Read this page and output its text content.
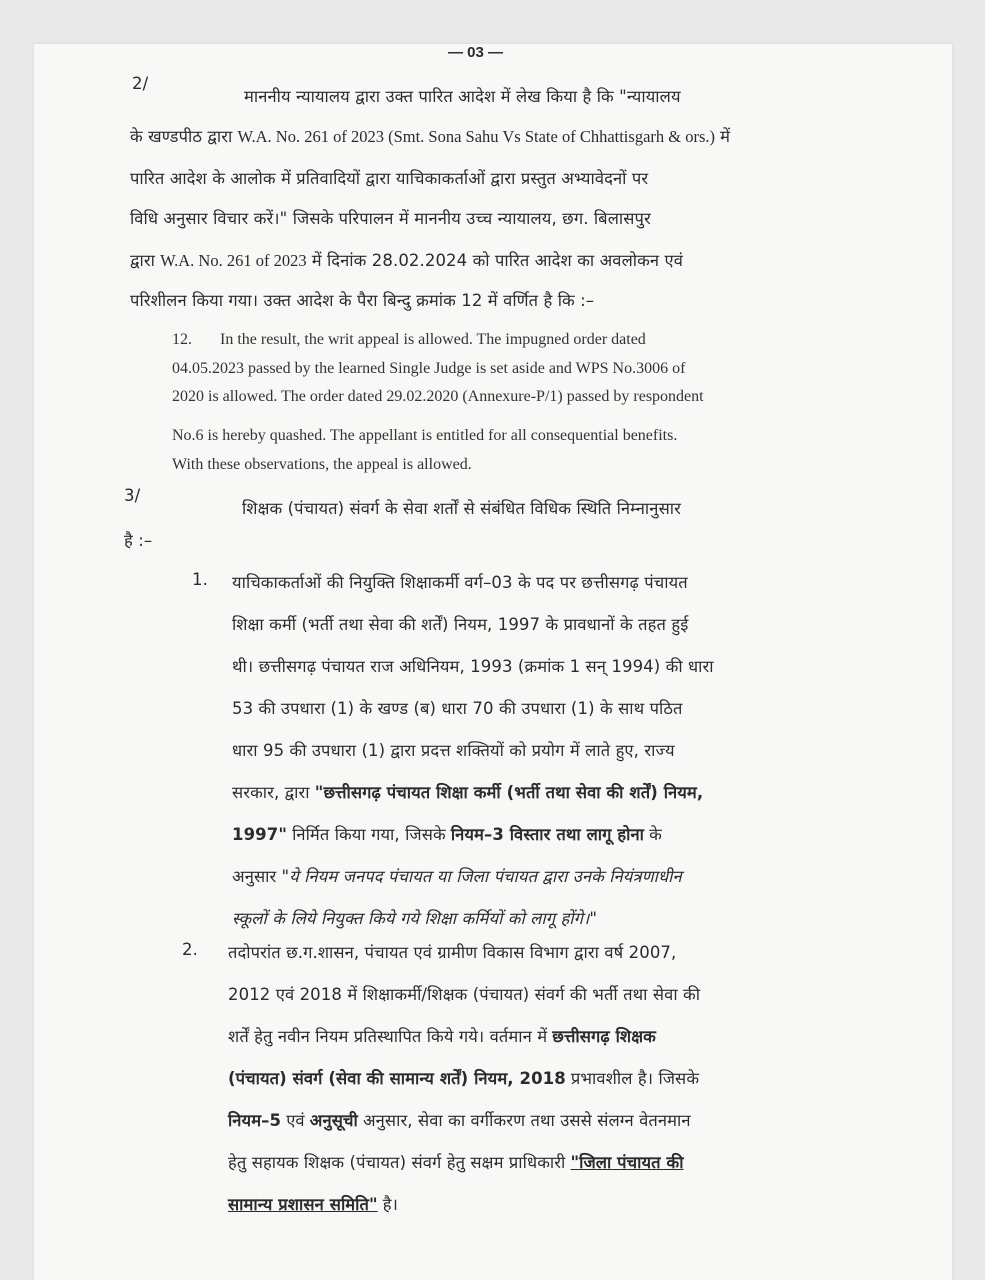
— 03 —
2/
माननीय न्यायालय द्वारा उक्त पारित आदेश में लेख किया है कि "न्यायालय
के खण्डपीठ द्वारा W.A. No. 261 of 2023 (Smt. Sona Sahu Vs State of Chhattisgarh & ors.) में
पारित आदेश के आलोक में प्रतिवादियों द्वारा याचिकाकर्ताओं द्वारा प्रस्तुत अभ्यावेदनों पर
विधि अनुसार विचार करें।" जिसके परिपालन में माननीय उच्च न्यायालय, छग. बिलासपुर
द्वारा W.A. No. 261 of 2023 में दिनांक 28.02.2024 को पारित आदेश का अवलोकन एवं
परिशीलन किया गया। उक्त आदेश के पैरा बिन्दु क्रमांक 12 में वर्णित है कि :–
12.       In the result, the writ appeal is allowed. The impugned order dated
04.05.2023 passed by the learned Single Judge is set aside and WPS No.3006 of
2020 is allowed. The order dated 29.02.2020 (Annexure-P/1) passed by respondent
No.6 is hereby quashed. The appellant is entitled for all consequential benefits.
With these observations, the appeal is allowed.
3/
शिक्षक (पंचायत) संवर्ग के सेवा शर्तों से संबंधित विधिक स्थिति निम्नानुसार
है :–
1. याचिकाकर्ताओं की नियुक्ति शिक्षाकर्मी वर्ग–03 के पद पर छत्तीसगढ़ पंचायत
शिक्षा कर्मी (भर्ती तथा सेवा की शर्तें) नियम, 1997 के प्रावधानों के तहत हुई
थी। छत्तीसगढ़ पंचायत राज अधिनियम, 1993 (क्रमांक 1 सन् 1994) की धारा
53 की उपधारा (1) के खण्ड (ब) धारा 70 की उपधारा (1) के साथ पठित
धारा 95 की उपधारा (1) द्वारा प्रदत्त शक्तियों को प्रयोग में लाते हुए, राज्य
सरकार, द्वारा "छत्तीसगढ़ पंचायत शिक्षा कर्मी (भर्ती तथा सेवा की शर्तें) नियम,
1997" निर्मित किया गया, जिसके नियम–3 विस्तार तथा लागू होना के
अनुसार "ये नियम जनपद पंचायत या जिला पंचायत द्वारा उनके नियंत्रणाधीन
स्कूलों के लिये नियुक्त किये गये शिक्षा कर्मियों को लागू होंगे।"
2. तदोपरांत छ.ग.शासन, पंचायत एवं ग्रामीण विकास विभाग द्वारा वर्ष 2007,
2012 एवं 2018 में शिक्षाकर्मी/शिक्षक (पंचायत) संवर्ग की भर्ती तथा सेवा की
शर्तें हेतु नवीन नियम प्रतिस्थापित किये गये। वर्तमान में छत्तीसगढ़ शिक्षक
(पंचायत) संवर्ग (सेवा की सामान्य शर्तें) नियम, 2018 प्रभावशील है। जिसके
नियम–5 एवं अनुसूची अनुसार, सेवा का वर्गीकरण तथा उससे संलग्न वेतनमान
हेतु सहायक शिक्षक (पंचायत) संवर्ग हेतु सक्षम प्राधिकारी "जिला पंचायत की
सामान्य प्रशासन समिति" है।
